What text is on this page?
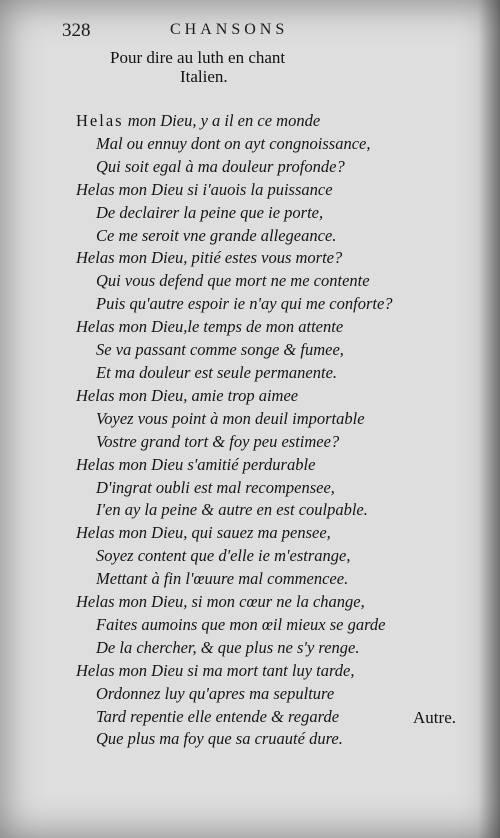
328	CHANSONS
Pour dire au luth en chant
Italien.
Helas mon Dieu, y a il en ce monde
Mal ou ennuy dont on ayt congnoissance,
Qui soit egal à ma douleur profonde?
Helas mon Dieu si i'auois la puissance
De declairer la peine que ie porte,
Ce me seroit vne grande allegeance.
Helas mon Dieu, pitié estes vous morte?
Qui vous defend que mort ne me contente
Puis qu'autre espoir ie n'ay qui me conforte?
Helas mon Dieu,le temps de mon attente
Se va passant comme songe & fumee,
Et ma douleur est seule permanente.
Helas mon Dieu, amie trop aimee
Voyez vous point à mon deuil importable
Vostre grand tort & foy peu estimee?
Helas mon Dieu s'amitié perdurable
D'ingrat oubli est mal recompensee,
I'en ay la peine & autre en est coulpable.
Helas mon Dieu, qui sauez ma pensee,
Soyez content que d'elle ie m'estrange,
Mettant à fin l'œuure mal commencee.
Helas mon Dieu, si mon cœur ne la change,
Faites aumoins que mon œil mieux se garde
De la chercher, & que plus ne s'y renge.
Helas mon Dieu si ma mort tant luy tarde,
Ordonnez luy qu'apres ma sepulture
Tard repentie elle entende & regarde
Que plus ma foy que sa cruauté dure.
Autre.
